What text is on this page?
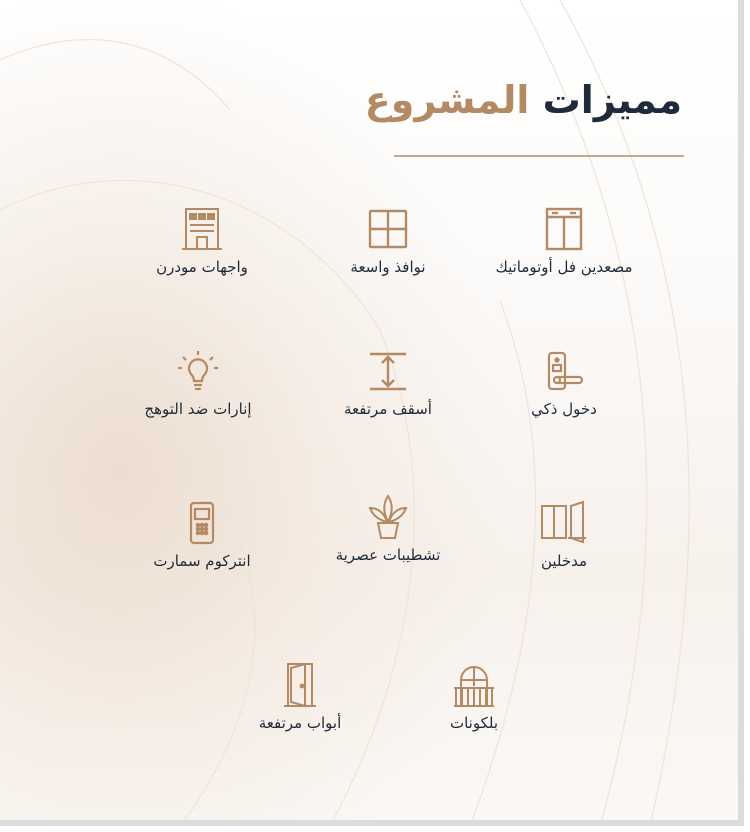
مميزات المشروع
مصعدين فل أوتوماتيك
نوافذ واسعة
واجهات مودرن
دخول ذكي
أسقف مرتفعة
إنارات ضد التوهج
مدخلين
تشطيبات عصرية
انتركوم سمارت
بلكونات
أبواب مرتفعة
